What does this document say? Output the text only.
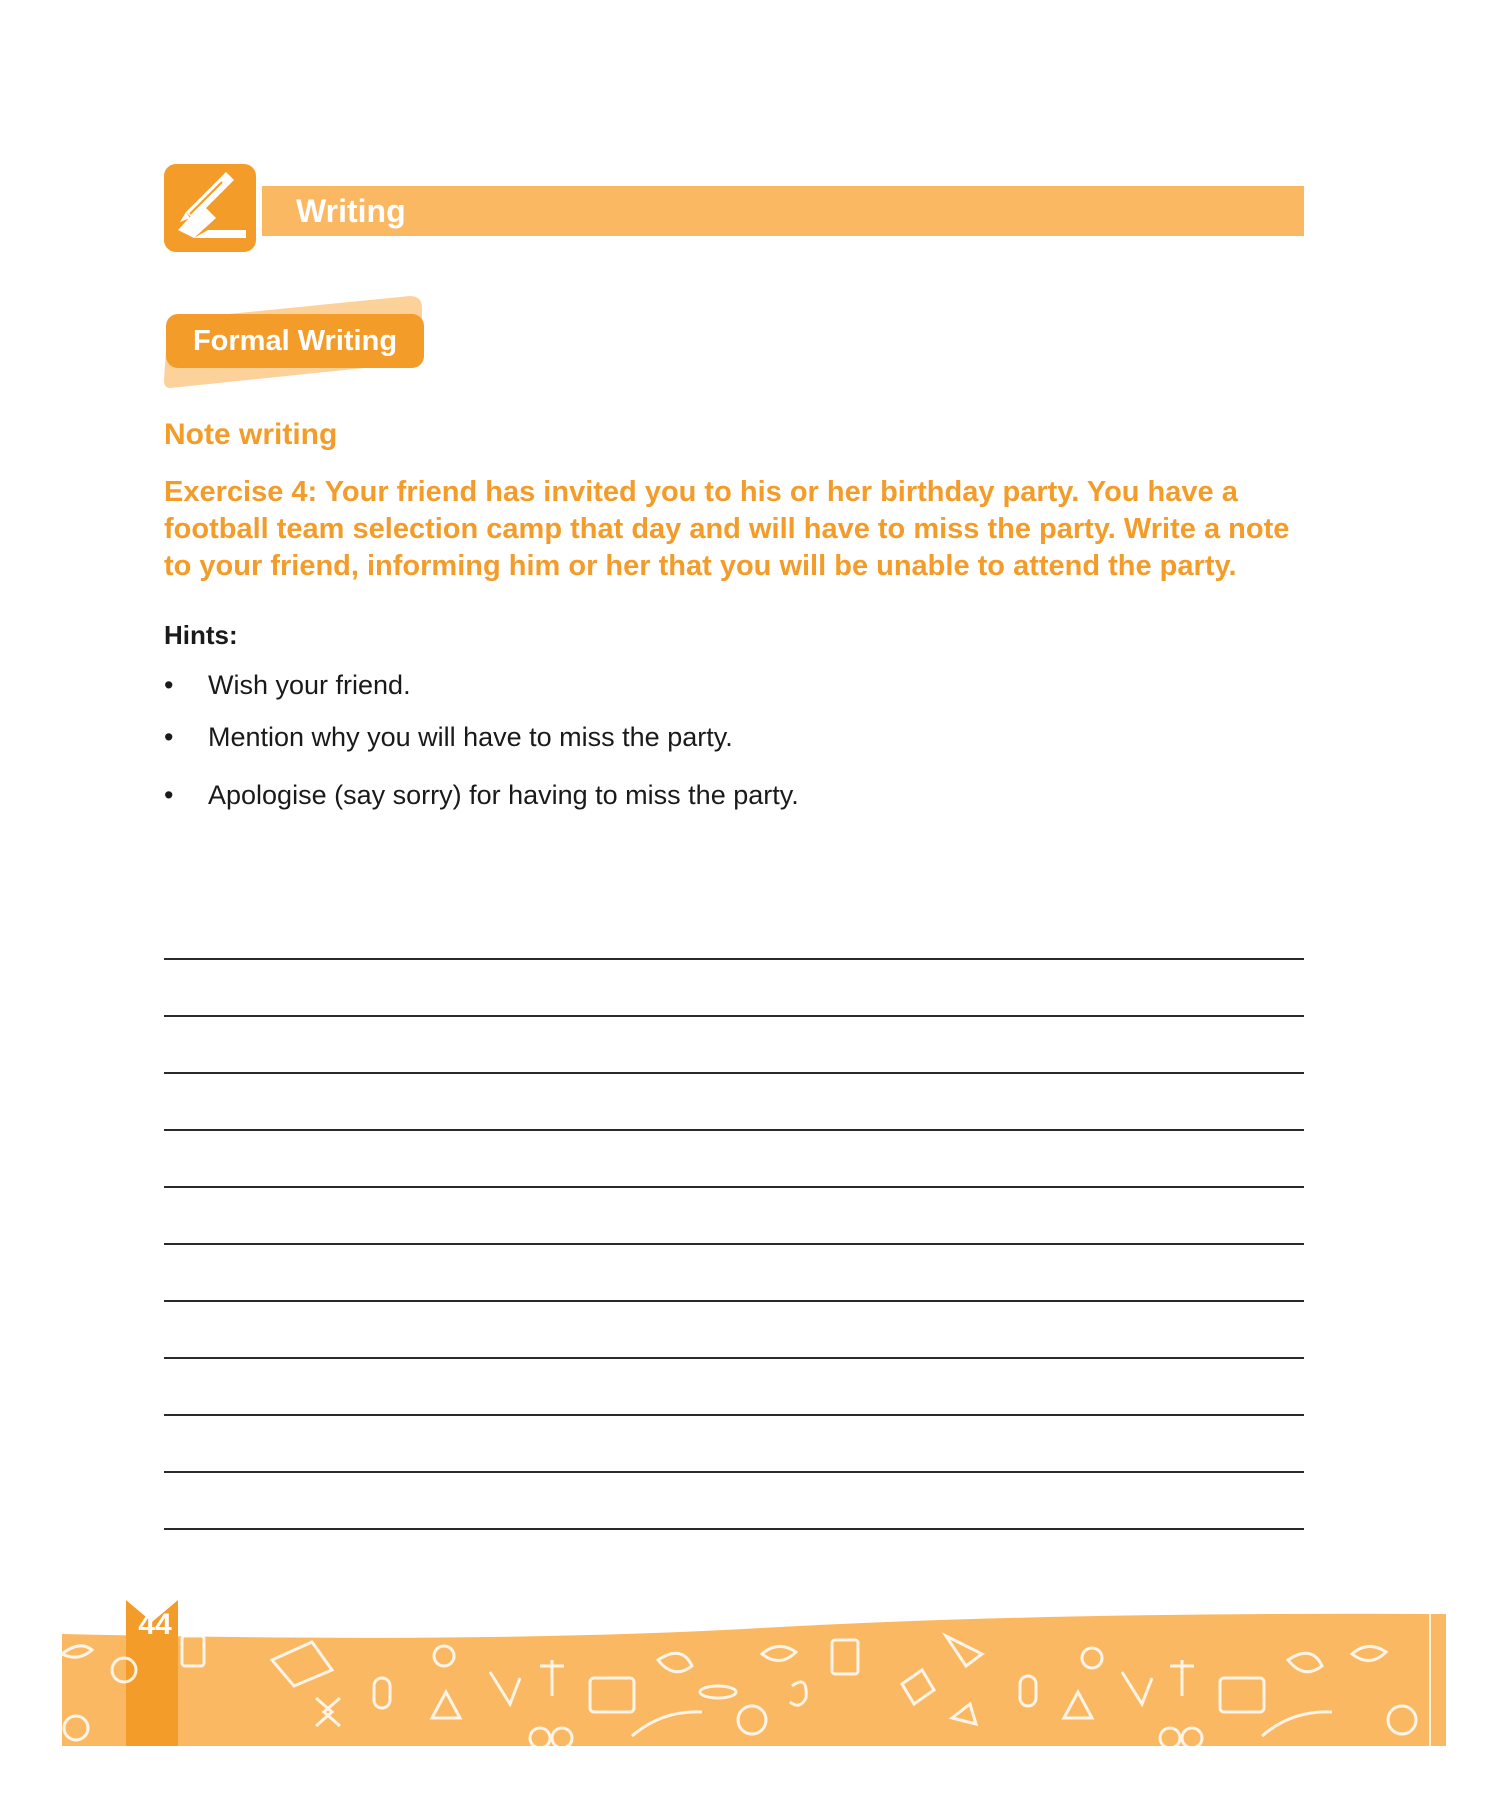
Writing
Formal Writing
Note writing
Exercise 4: Your friend has invited you to his or her birthday party. You have a football team selection camp that day and will have to miss the party. Write a note to your friend, informing him or her that you will be unable to attend the party.
Hints:
•	Wish your friend.
•	Mention why you will have to miss the party.
•	Apologise (say sorry) for having to miss the party.
44
